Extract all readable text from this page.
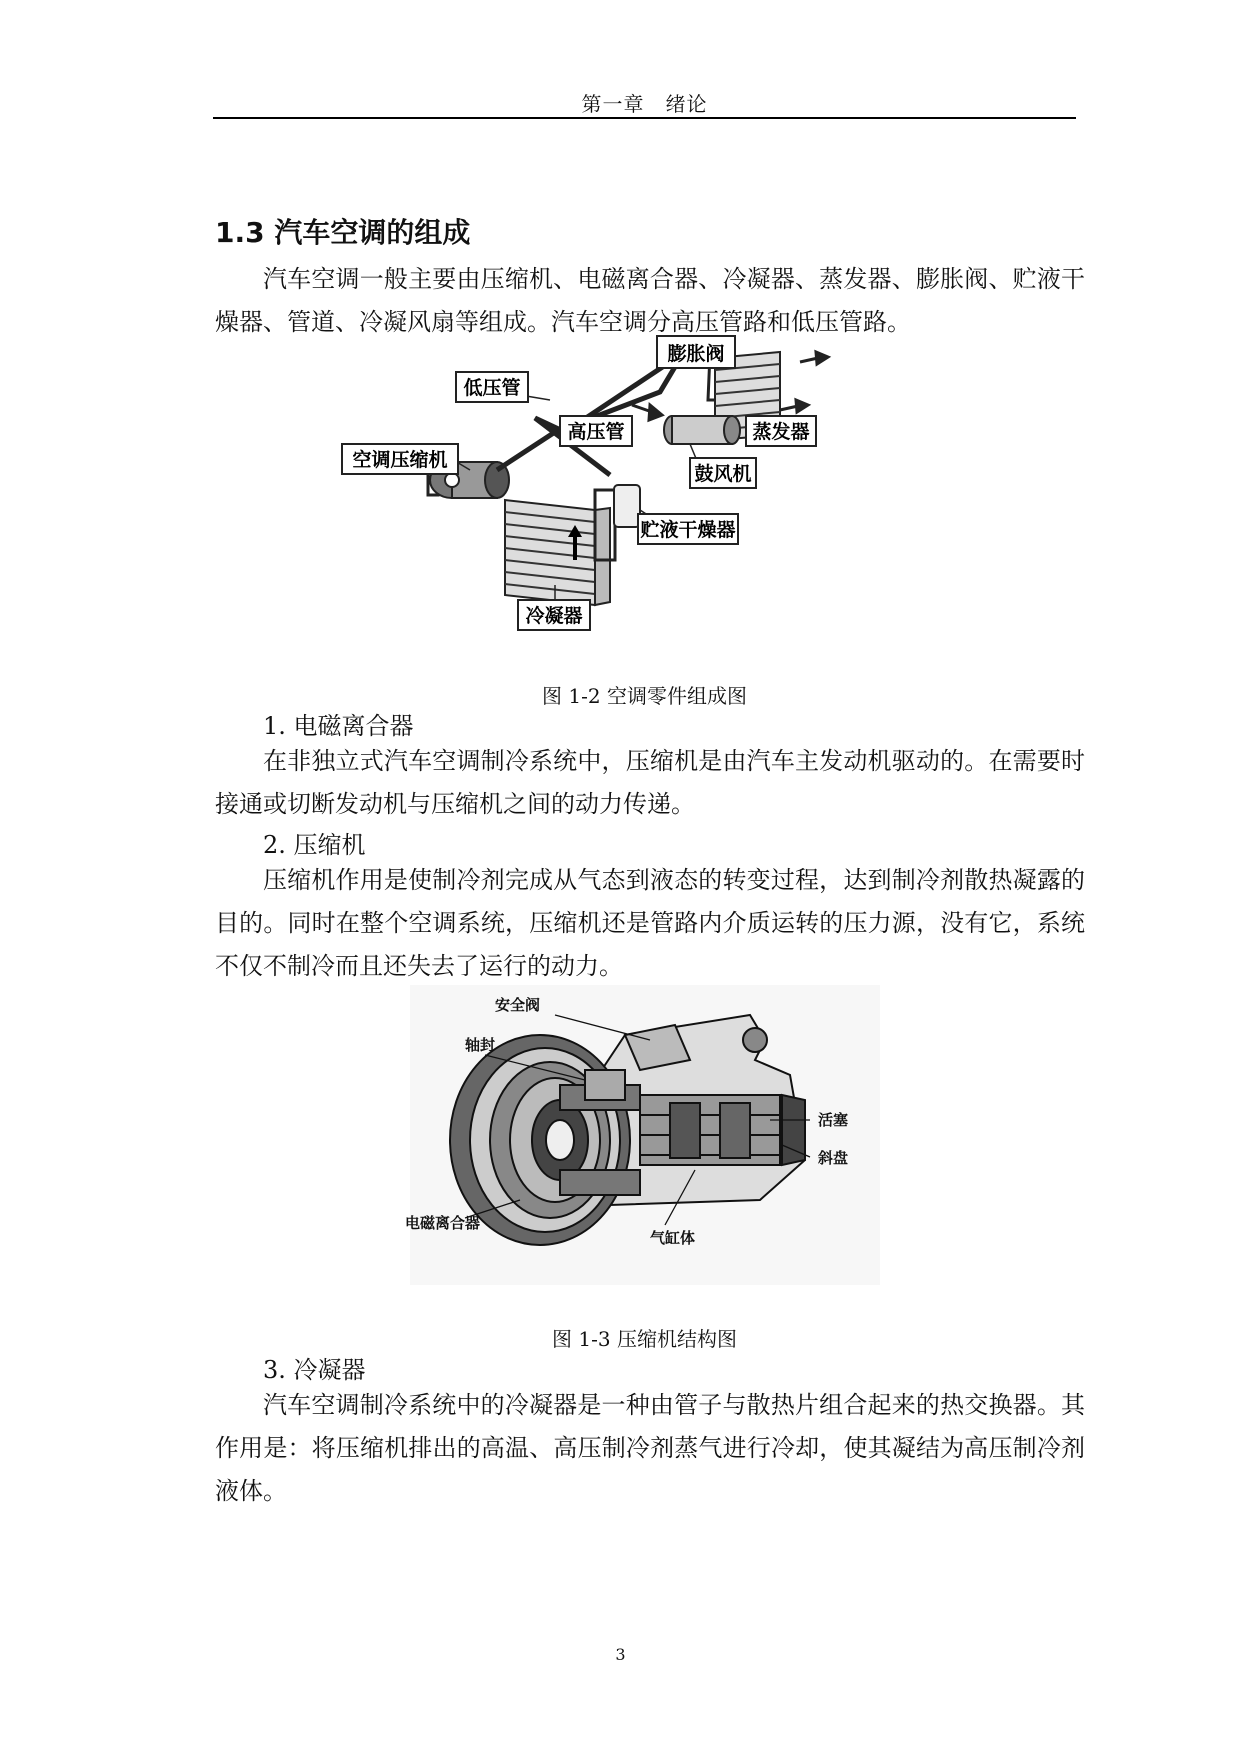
第一章　绪论
1.3 汽车空调的组成
汽车空调一般主要由压缩机、电磁离合器、冷凝器、蒸发器、膨胀阀、贮液干燥器、管道、冷凝风扇等组成。汽车空调分高压管路和低压管路。
膨胀阀
低压管
高压管	蒸发器
空调压缩机
鼓风机
贮液干燥器
冷凝器
图 1-2 空调零件组成图
1. 电磁离合器
在非独立式汽车空调制冷系统中，压缩机是由汽车主发动机驱动的。在需要时接通或切断发动机与压缩机之间的动力传递。
2. 压缩机
压缩机作用是使制冷剂完成从气态到液态的转变过程，达到制冷剂散热凝露的目的。同时在整个空调系统，压缩机还是管路内介质运转的压力源，没有它，系统不仅不制冷而且还失去了运行的动力。
安全阀
轴封
活塞
斜盘
电磁离合器
气缸体
图 1-3 压缩机结构图
3. 冷凝器
汽车空调制冷系统中的冷凝器是一种由管子与散热片组合起来的热交换器。其作用是：将压缩机排出的高温、高压制冷剂蒸气进行冷却，使其凝结为高压制冷剂液体。
3
